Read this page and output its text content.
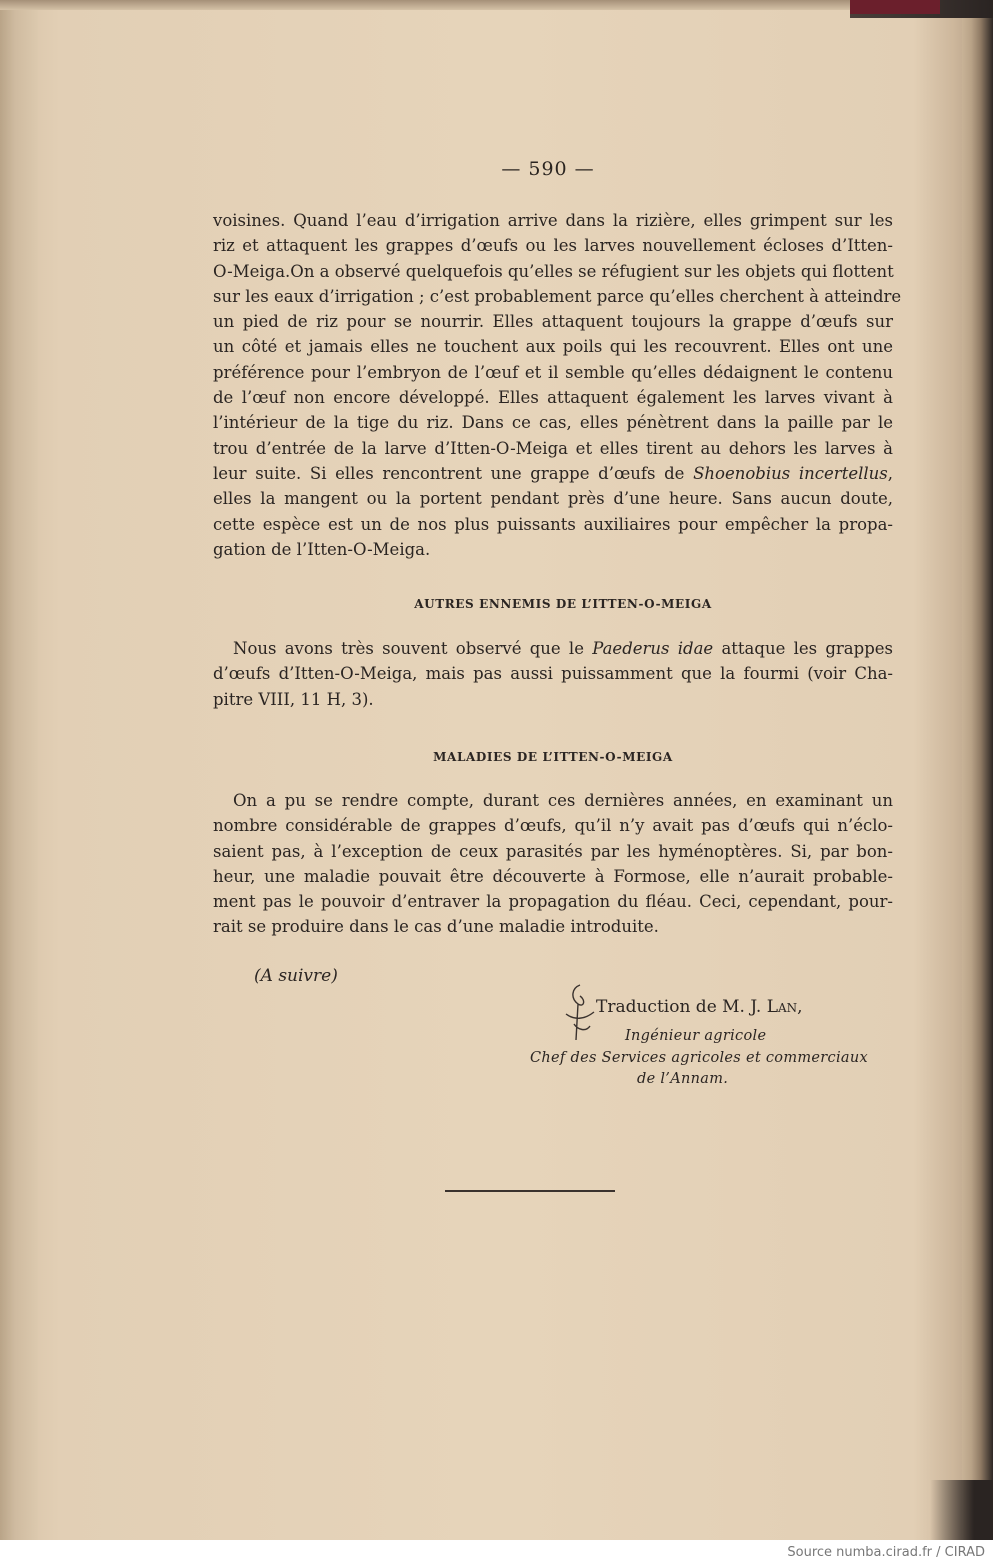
— 590 —
voisines. Quand l’eau d’irrigation arrive dans la rizière, elles grimpent sur les
riz et attaquent les grappes d’œufs ou les larves nouvellement écloses d’Itten-
O-Meiga.On a observé quelquefois qu’elles se réfugient sur les objets qui flottent
sur les eaux d’irrigation ; c’est probablement parce qu’elles cherchent à atteindre
un pied de riz pour se nourrir. Elles attaquent toujours la grappe d’œufs sur
un côté et jamais elles ne touchent aux poils qui les recouvrent. Elles ont une
préférence pour l’embryon de l’œuf et il semble qu’elles dédaignent le contenu
de l’œuf non encore développé. Elles attaquent également les larves vivant à
l’intérieur de la tige du riz. Dans ce cas, elles pénètrent dans la paille par le
trou d’entrée de la larve d’Itten-O-Meiga et elles tirent au dehors les larves à
leur suite. Si elles rencontrent une grappe d’œufs de Shoenobius incertellus,
elles la mangent ou la portent pendant près d’une heure. Sans aucun doute,
cette espèce est un de nos plus puissants auxiliaires pour empêcher la propa-
gation de l’Itten-O-Meiga.
AUTRES ENNEMIS DE L’ITTEN-O-MEIGA
Nous avons très souvent observé que le Paederus idae attaque les grappes
d’œufs d’Itten-O-Meiga, mais pas aussi puissamment que la fourmi (voir Cha-
pitre VIII, 11 H, 3).
MALADIES DE L’ITTEN-O-MEIGA
On a pu se rendre compte, durant ces dernières années, en examinant un
nombre considérable de grappes d’œufs, qu’il n’y avait pas d’œufs qui n’éclo-
saient pas, à l’exception de ceux parasités par les hyménoptères. Si, par bon-
heur, une maladie pouvait être découverte à Formose, elle n’aurait probable-
ment pas le pouvoir d’entraver la propagation du fléau. Ceci, cependant, pour-
rait se produire dans le cas d’une maladie introduite.
(A suivre)
Traduction de M. J. Lan,
Ingénieur agricole
Chef des Services agricoles et commerciaux
de l’Annam.
Source numba.cirad.fr / CIRAD
